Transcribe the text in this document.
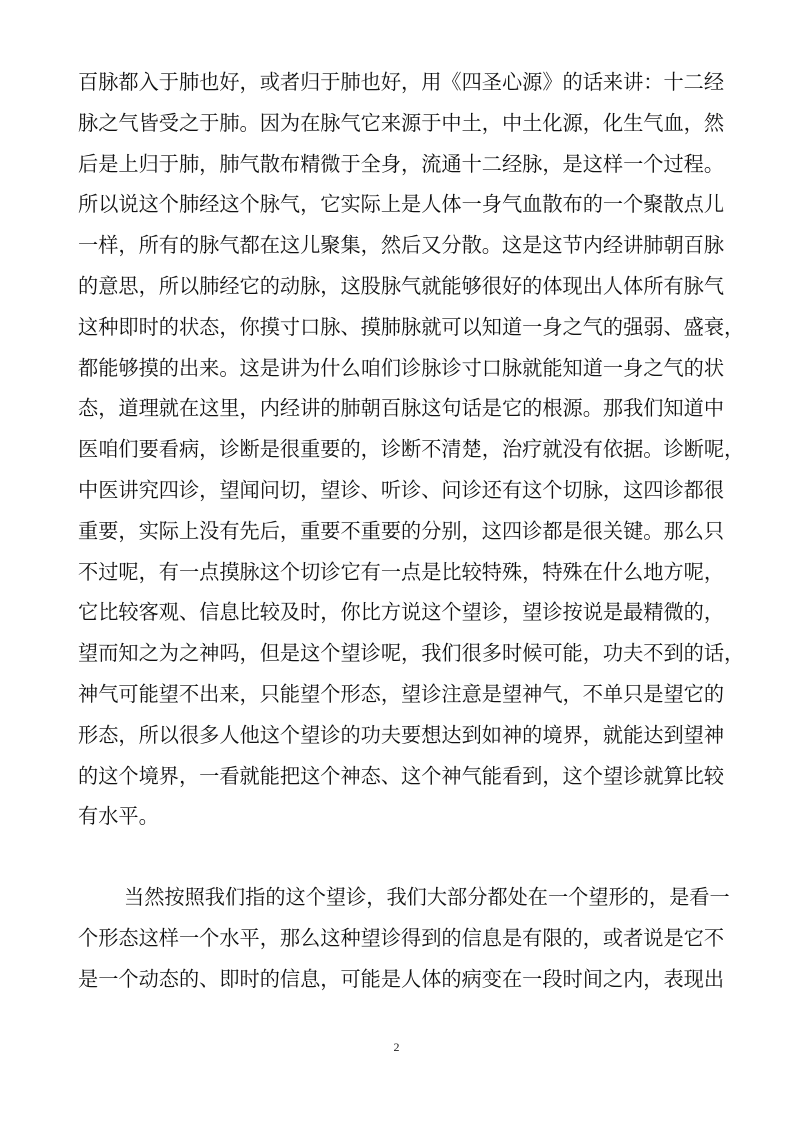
百脉都入于肺也好，或者归于肺也好，用《四圣心源》的话来讲：十二经
脉之气皆受之于肺。因为在脉气它来源于中土，中土化源，化生气血，然
后是上归于肺，肺气散布精微于全身，流通十二经脉，是这样一个过程。
所以说这个肺经这个脉气，它实际上是人体一身气血散布的一个聚散点儿
一样，所有的脉气都在这儿聚集，然后又分散。这是这节内经讲肺朝百脉
的意思，所以肺经它的动脉，这股脉气就能够很好的体现出人体所有脉气
这种即时的状态，你摸寸口脉、摸肺脉就可以知道一身之气的强弱、盛衰，
都能够摸的出来。这是讲为什么咱们诊脉诊寸口脉就能知道一身之气的状
态，道理就在这里，内经讲的肺朝百脉这句话是它的根源。那我们知道中
医咱们要看病，诊断是很重要的，诊断不清楚，治疗就没有依据。诊断呢，
中医讲究四诊，望闻问切，望诊、听诊、问诊还有这个切脉，这四诊都很
重要，实际上没有先后，重要不重要的分别，这四诊都是很关键。那么只
不过呢，有一点摸脉这个切诊它有一点是比较特殊，特殊在什么地方呢，
它比较客观、信息比较及时，你比方说这个望诊，望诊按说是最精微的，
望而知之为之神吗，但是这个望诊呢，我们很多时候可能，功夫不到的话，
神气可能望不出来，只能望个形态，望诊注意是望神气，不单只是望它的
形态，所以很多人他这个望诊的功夫要想达到如神的境界，就能达到望神
的这个境界，一看就能把这个神态、这个神气能看到，这个望诊就算比较
有水平。
当然按照我们指的这个望诊，我们大部分都处在一个望形的，是看一
个形态这样一个水平，那么这种望诊得到的信息是有限的，或者说是它不
是一个动态的、即时的信息，可能是人体的病变在一段时间之内，表现出
2
